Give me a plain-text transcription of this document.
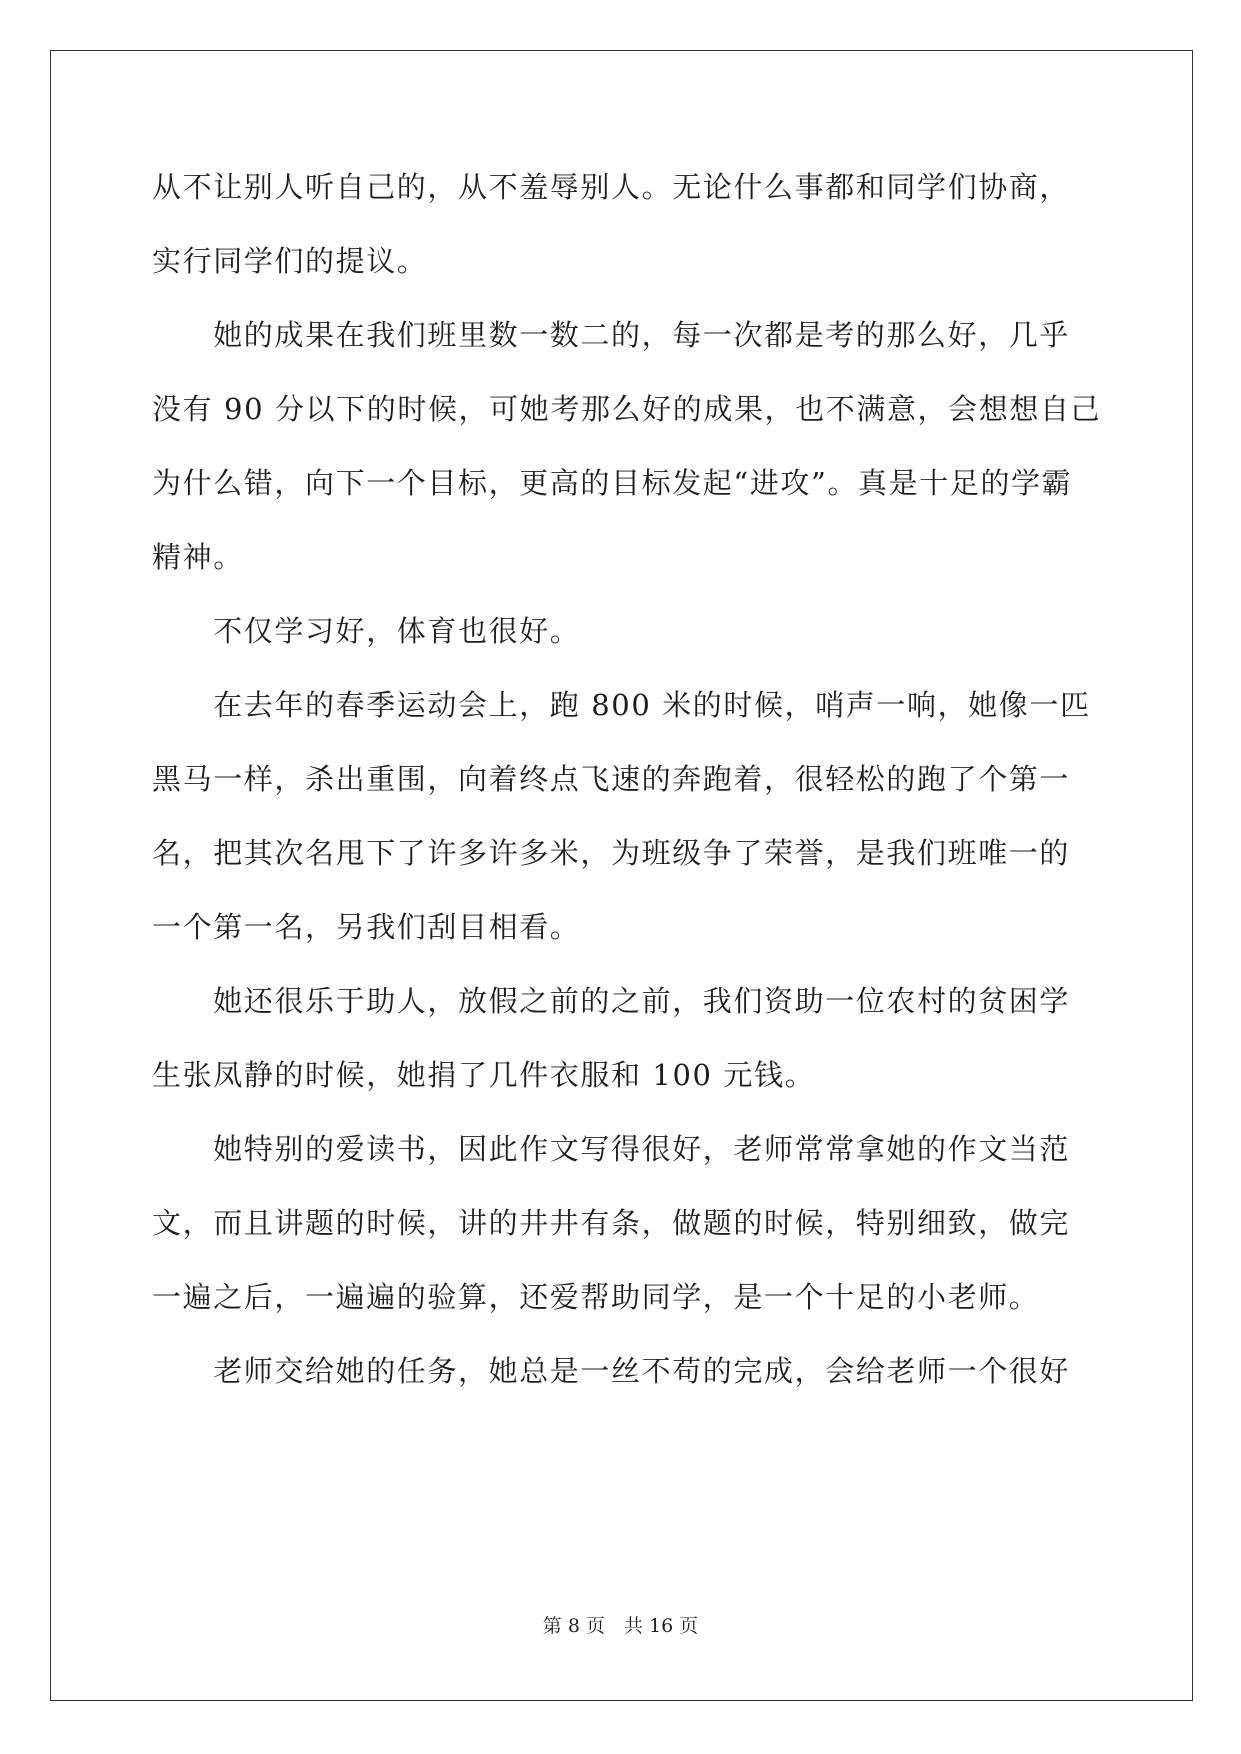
从不让别人听自己的，从不羞辱别人。无论什么事都和同学们协商，
实行同学们的提议。
　　她的成果在我们班里数一数二的，每一次都是考的那么好，几乎
没有 90 分以下的时候，可她考那么好的成果，也不满意，会想想自己
为什么错，向下一个目标，更高的目标发起“进攻”。真是十足的学霸
精神。
　　不仅学习好，体育也很好。
　　在去年的春季运动会上，跑 800 米的时候，哨声一响，她像一匹
黑马一样，杀出重围，向着终点飞速的奔跑着，很轻松的跑了个第一
名，把其次名甩下了许多许多米，为班级争了荣誉，是我们班唯一的
一个第一名，另我们刮目相看。
　　她还很乐于助人，放假之前的之前，我们资助一位农村的贫困学
生张凤静的时候，她捐了几件衣服和 100 元钱。
　　她特别的爱读书，因此作文写得很好，老师常常拿她的作文当范
文，而且讲题的时候，讲的井井有条，做题的时候，特别细致，做完
一遍之后，一遍遍的验算，还爱帮助同学，是一个十足的小老师。
　　老师交给她的任务，她总是一丝不苟的完成，会给老师一个很好
第 8 页　共 16 页
